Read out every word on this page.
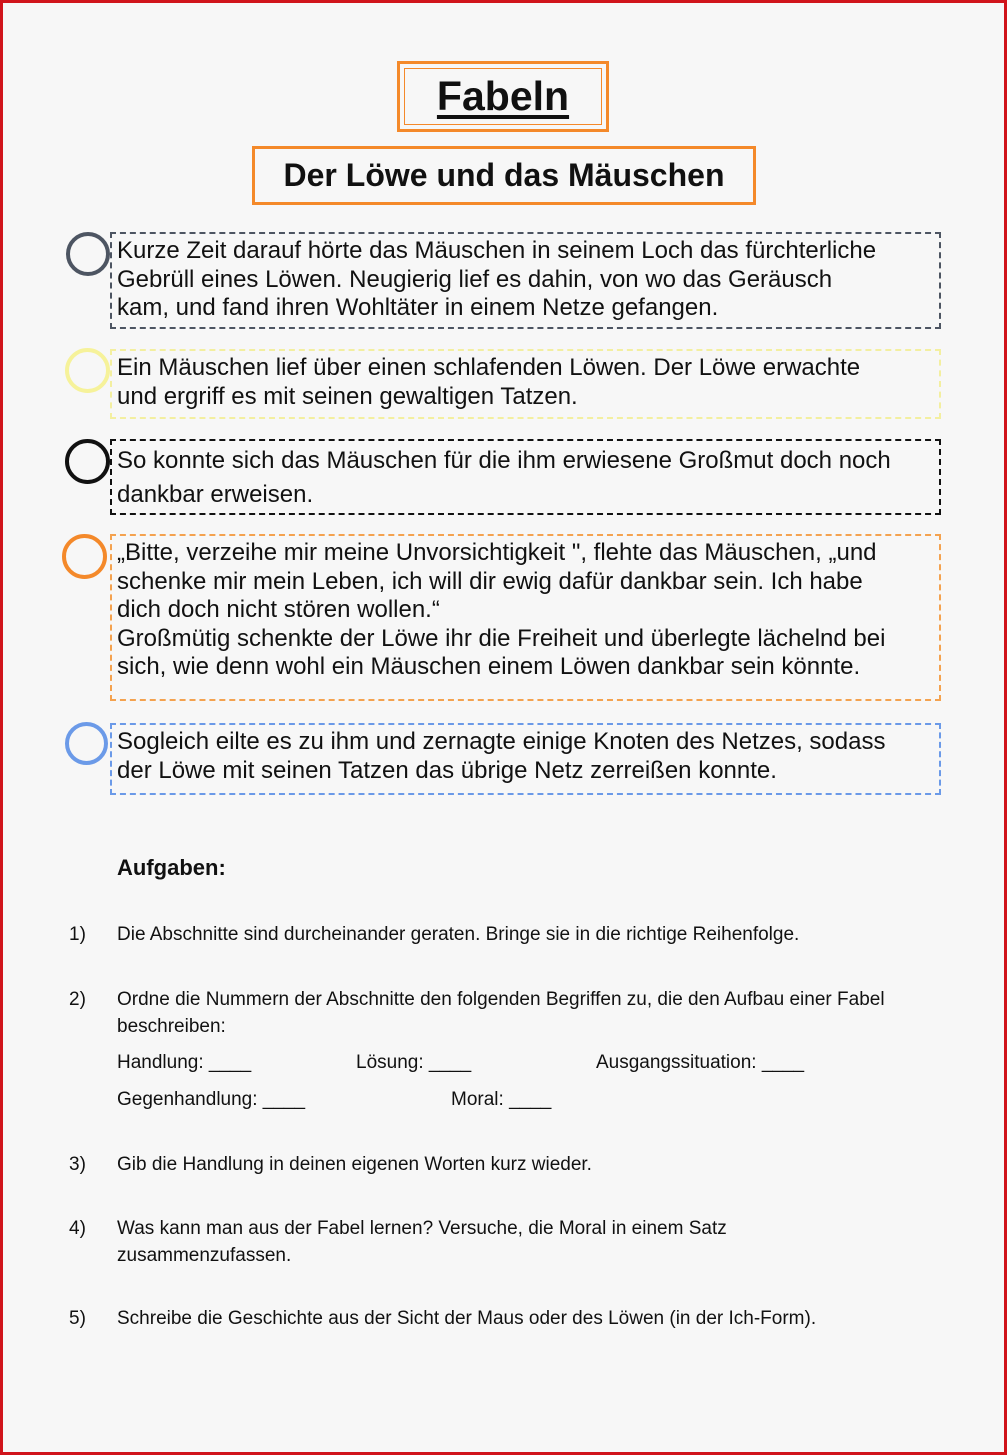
Fabeln
Der Löwe und das Mäuschen

Kurze Zeit darauf hörte das Mäuschen in seinem Loch das fürchterliche
Gebrüll eines Löwen. Neugierig lief es dahin, von wo das Geräusch
kam, und fand ihren Wohltäter in einem Netze gefangen.

Ein Mäuschen lief über einen schlafenden Löwen. Der Löwe erwachte
und ergriff es mit seinen gewaltigen Tatzen.

So konnte sich das Mäuschen für die ihm erwiesene Großmut doch noch
dankbar erweisen.

„Bitte, verzeihe mir meine Unvorsichtigkeit ", flehte das Mäuschen, „und
schenke mir mein Leben, ich will dir ewig dafür dankbar sein. Ich habe
dich doch nicht stören wollen.“
Großmütig schenkte der Löwe ihr die Freiheit und überlegte lächelnd bei
sich, wie denn wohl ein Mäuschen einem Löwen dankbar sein könnte.

Sogleich eilte es zu ihm und zernagte einige Knoten des Netzes, sodass
der Löwe mit seinen Tatzen das übrige Netz zerreißen konnte.

Aufgaben:
1) Die Abschnitte sind durcheinander geraten. Bringe sie in die richtige Reihenfolge.
2) Ordne die Nummern der Abschnitte den folgenden Begriffen zu, die den Aufbau einer Fabel beschreiben:
Handlung: ____	Lösung: ____	Ausgangssituation: ____
Gegenhandlung: ____	Moral: ____
3) Gib die Handlung in deinen eigenen Worten kurz wieder.
4) Was kann man aus der Fabel lernen? Versuche, die Moral in einem Satz zusammenzufassen.
5) Schreibe die Geschichte aus der Sicht der Maus oder des Löwen (in der Ich-Form).
